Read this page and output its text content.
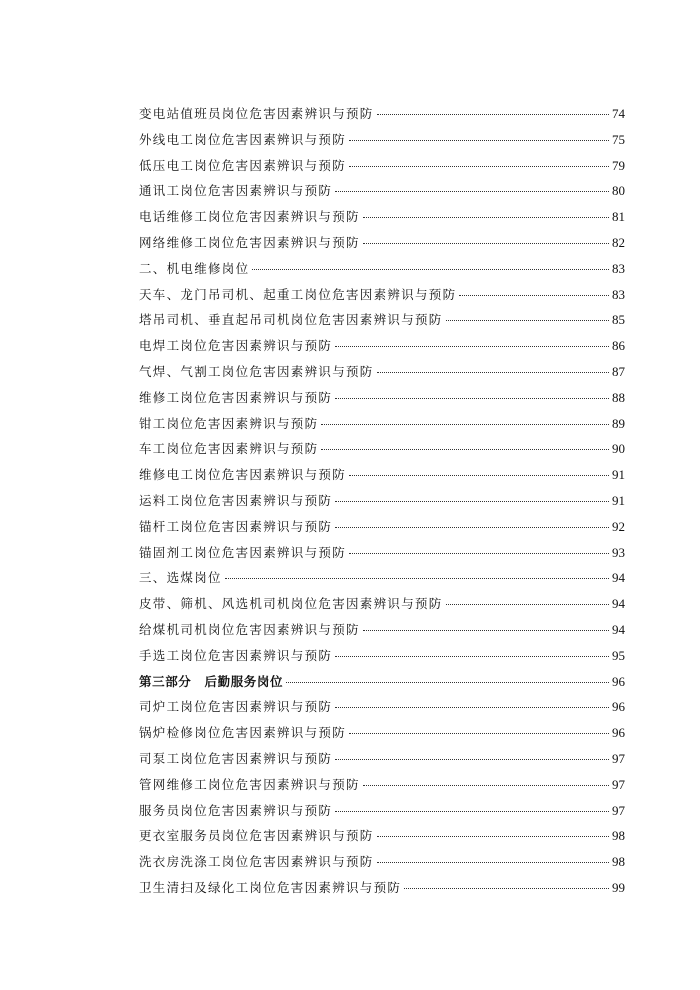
变电站值班员岗位危害因素辨识与预防	74
外线电工岗位危害因素辨识与预防	75
低压电工岗位危害因素辨识与预防	79
通讯工岗位危害因素辨识与预防	80
电话维修工岗位危害因素辨识与预防	81
网络维修工岗位危害因素辨识与预防	82
二、机电维修岗位	83
天车、龙门吊司机、起重工岗位危害因素辨识与预防	83
塔吊司机、垂直起吊司机岗位危害因素辨识与预防	85
电焊工岗位危害因素辨识与预防	86
气焊、气割工岗位危害因素辨识与预防	87
维修工岗位危害因素辨识与预防	88
钳工岗位危害因素辨识与预防	89
车工岗位危害因素辨识与预防	90
维修电工岗位危害因素辨识与预防	91
运料工岗位危害因素辨识与预防	91
锚杆工岗位危害因素辨识与预防	92
锚固剂工岗位危害因素辨识与预防	93
三、选煤岗位	94
皮带、筛机、风选机司机岗位危害因素辨识与预防	94
给煤机司机岗位危害因素辨识与预防	94
手选工岗位危害因素辨识与预防	95
第三部分　后勤服务岗位	96
司炉工岗位危害因素辨识与预防	96
锅炉检修岗位危害因素辨识与预防	96
司泵工岗位危害因素辨识与预防	97
管网维修工岗位危害因素辨识与预防	97
服务员岗位危害因素辨识与预防	97
更衣室服务员岗位危害因素辨识与预防	98
洗衣房洗涤工岗位危害因素辨识与预防	98
卫生清扫及绿化工岗位危害因素辨识与预防	99
